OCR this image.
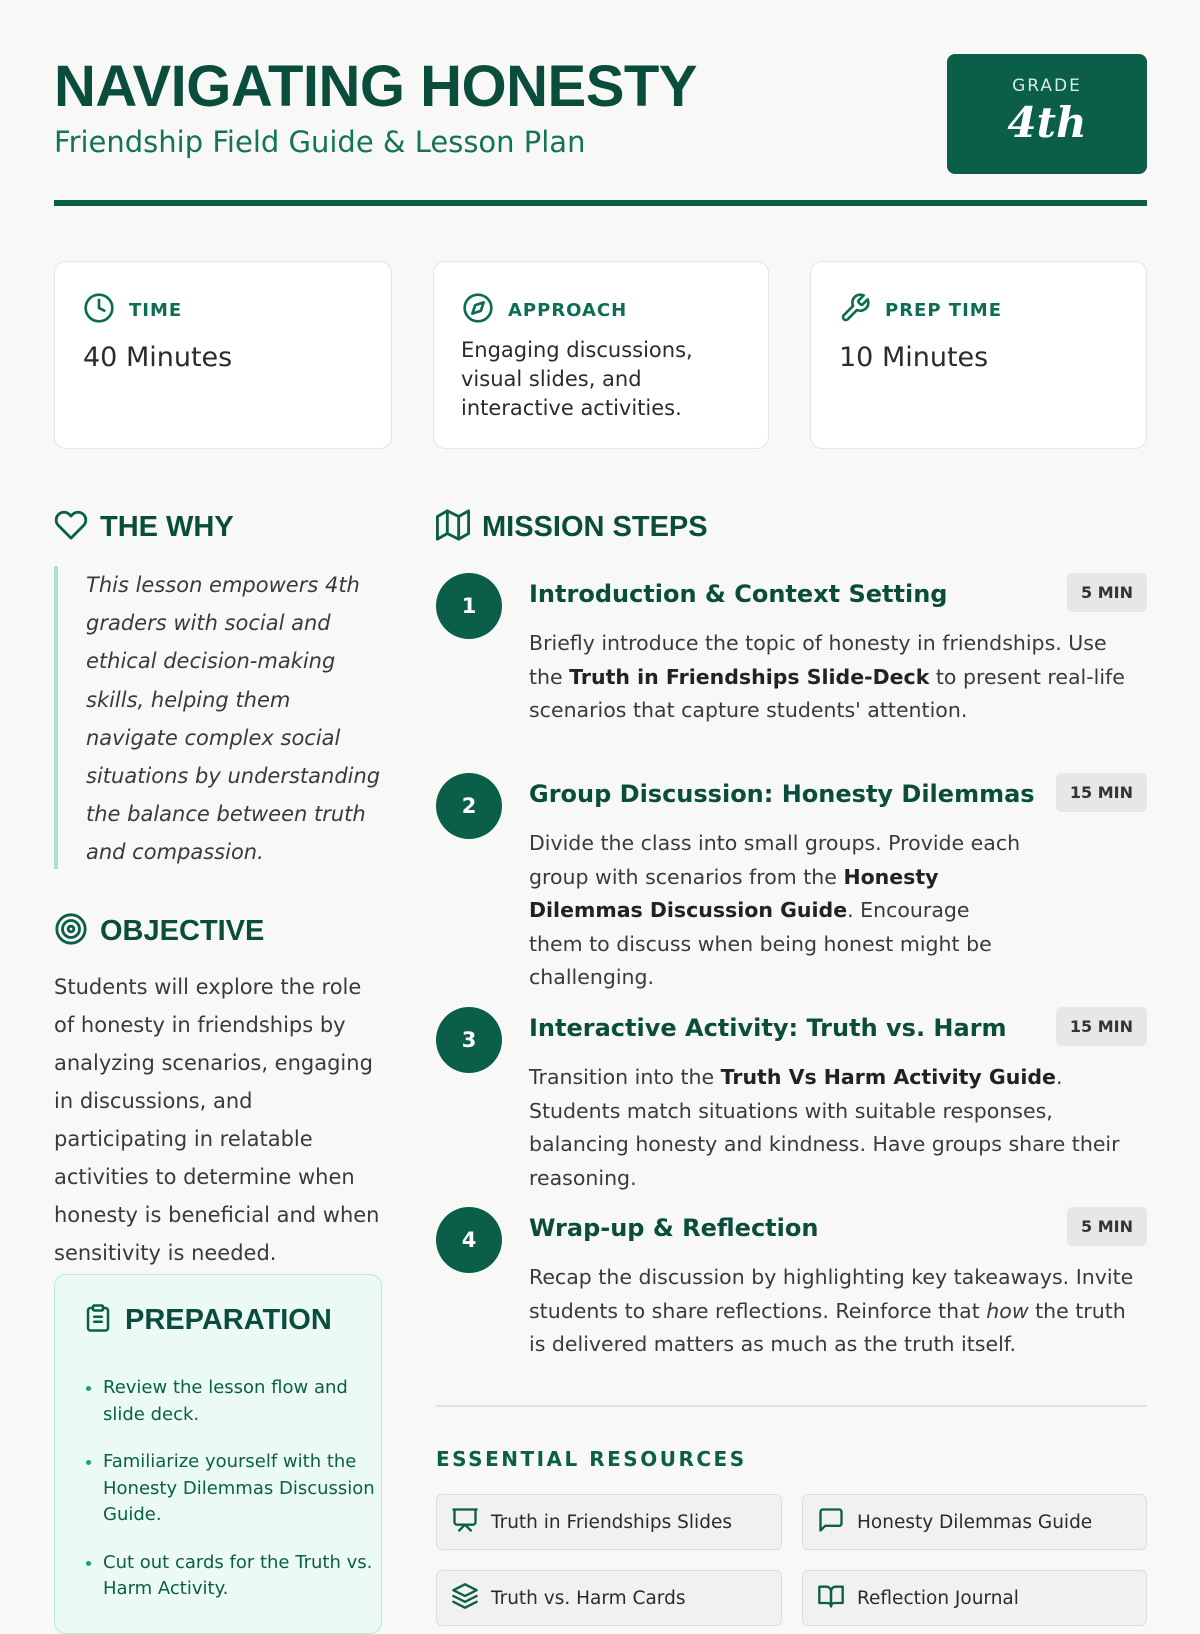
NAVIGATING HONESTY
Friendship Field Guide & Lesson Plan
GRADE
4th
TIME
40 Minutes
APPROACH
Engaging discussions, visual slides, and interactive activities.
PREP TIME
10 Minutes
THE WHY
This lesson empowers 4th graders with social and ethical decision-making skills, helping them navigate complex social situations by understanding the balance between truth and compassion.
OBJECTIVE
Students will explore the role of honesty in friendships by analyzing scenarios, engaging in discussions, and participating in relatable activities to determine when honesty is beneficial and when sensitivity is needed.
PREPARATION
• Review the lesson flow and slide deck.
• Familiarize yourself with the Honesty Dilemmas Discussion Guide.
• Cut out cards for the Truth vs. Harm Activity.
MISSION STEPS
1	Introduction & Context Setting	5 MIN
Briefly introduce the topic of honesty in friendships. Use the Truth in Friendships Slide-Deck to present real-life scenarios that capture students' attention.
2	Group Discussion: Honesty Dilemmas	15 MIN
Divide the class into small groups. Provide each group with scenarios from the Honesty Dilemmas Discussion Guide. Encourage them to discuss when being honest might be challenging.
3	Interactive Activity: Truth vs. Harm	15 MIN
Transition into the Truth Vs Harm Activity Guide. Students match situations with suitable responses, balancing honesty and kindness. Have groups share their reasoning.
4	Wrap-up & Reflection	5 MIN
Recap the discussion by highlighting key takeaways. Invite students to share reflections. Reinforce that how the truth is delivered matters as much as the truth itself.
ESSENTIAL RESOURCES
Truth in Friendships Slides	Honesty Dilemmas Guide
Truth vs. Harm Cards	Reflection Journal
